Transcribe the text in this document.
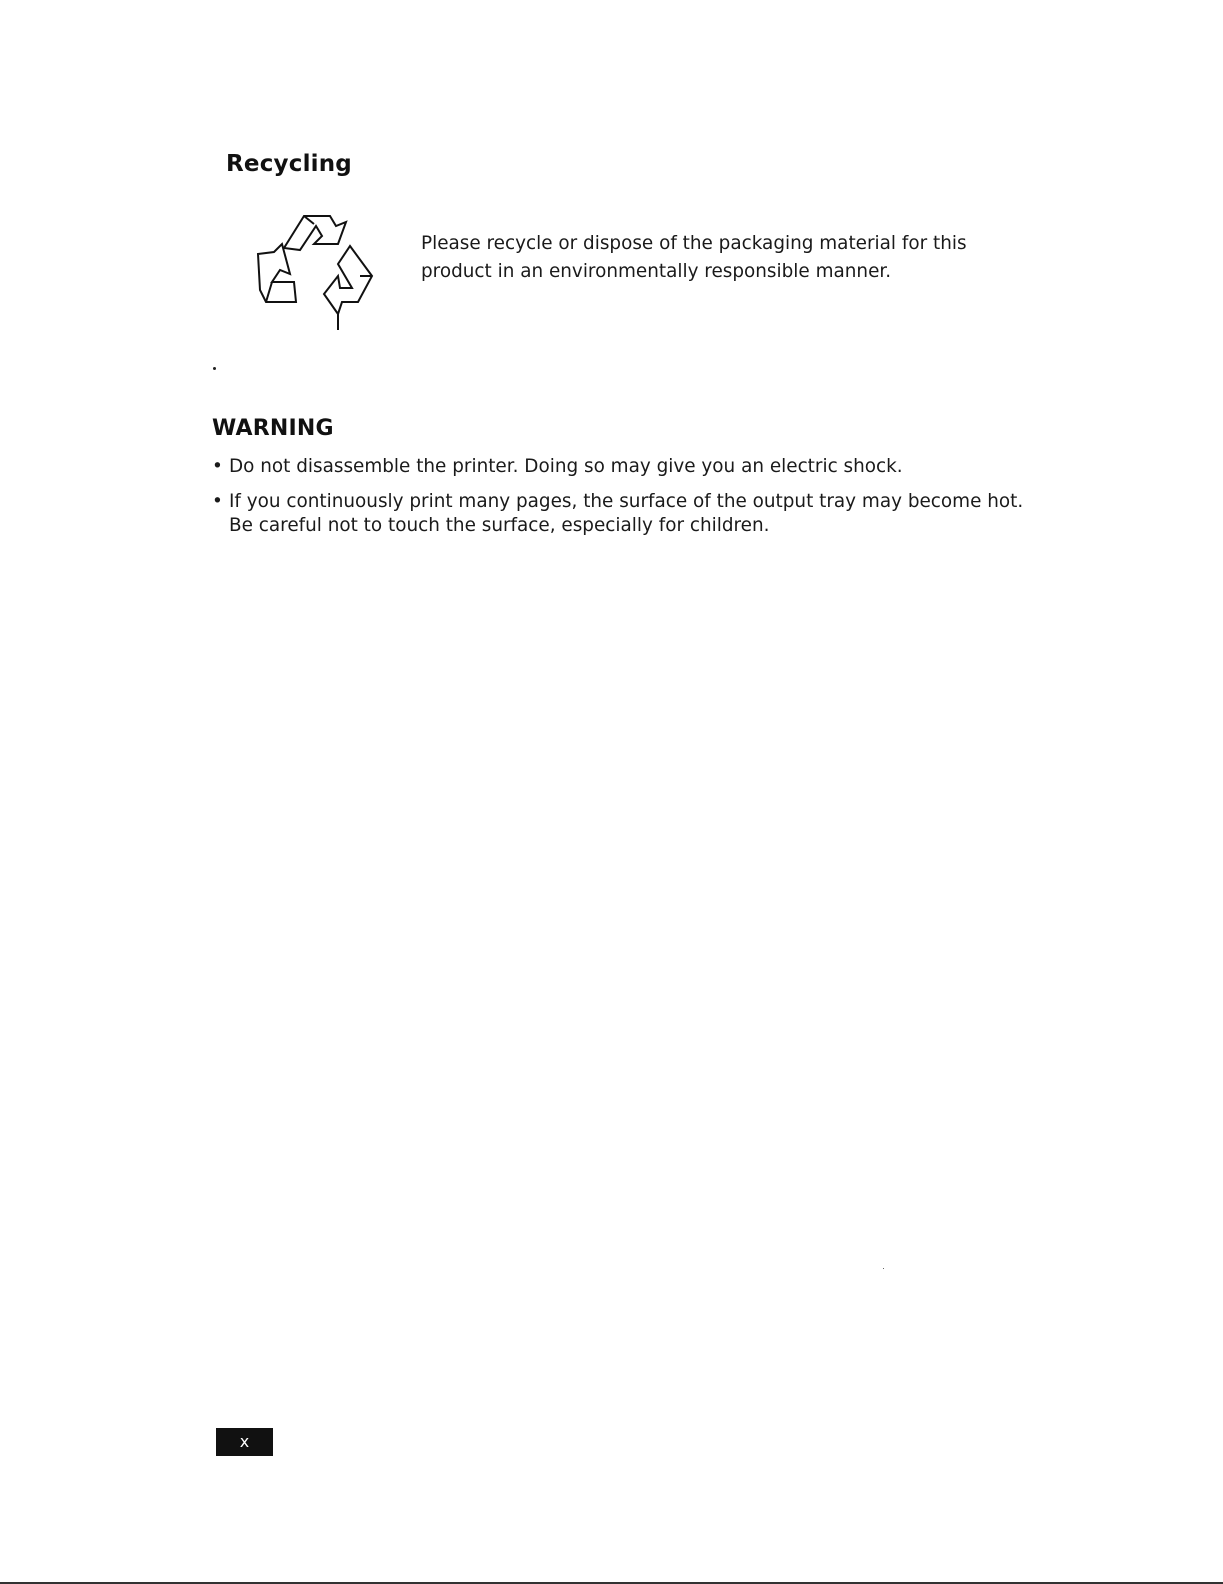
Recycling

Please recycle or dispose of the packaging material for this product in an environmentally responsible manner.

WARNING
• Do not disassemble the printer. Doing so may give you an electric shock.
• If you continuously print many pages, the surface of the output tray may become hot. Be careful not to touch the surface, especially for children.
x
